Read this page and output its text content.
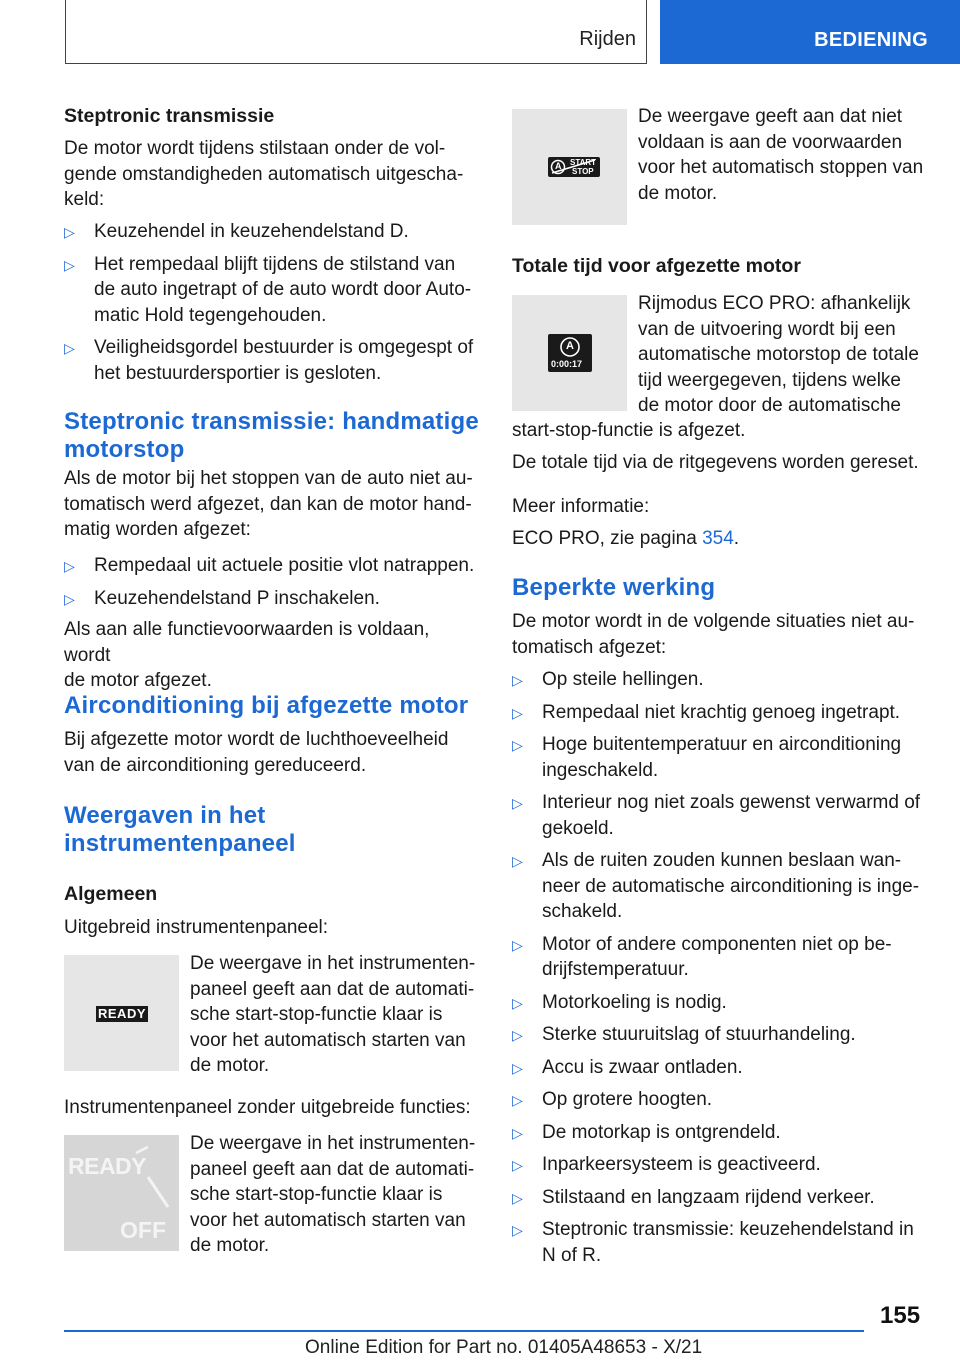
Rijden	BEDIENING
Steptronic transmissie
De motor wordt tijdens stilstaan onder de vol-
gende omstandigheden automatisch uitgescha-
keld:
▷ Keuzehendel in keuzehendelstand D.
▷ Het rempedaal blijft tijdens de stilstand van
de auto ingetrapt of de auto wordt door Auto-
matic Hold tegengehouden.
▷ Veiligheidsgordel bestuurder is omgegespt of
het bestuurdersportier is gesloten.
Steptronic transmissie: handmatige
motorstop
Als de motor bij het stoppen van de auto niet au-
tomatisch werd afgezet, dan kan de motor hand-
matig worden afgezet:
▷ Rempedaal uit actuele positie vlot natrappen.
▷ Keuzehendelstand P inschakelen.
Als aan alle functievoorwaarden is voldaan, wordt
de motor afgezet.
Airconditioning bij afgezette motor
Bij afgezette motor wordt de luchthoeveelheid
van de airconditioning gereduceerd.
Weergaven in het
instrumentenpaneel
Algemeen
Uitgebreid instrumentenpaneel:
READY
De weergave in het instrumenten-
paneel geeft aan dat de automati-
sche start-stop-functie klaar is
voor het automatisch starten van
de motor.
Instrumentenpaneel zonder uitgebreide functies:
READY
OFF
De weergave in het instrumenten-
paneel geeft aan dat de automati-
sche start-stop-functie klaar is
voor het automatisch starten van
de motor.
A START
STOP
De weergave geeft aan dat niet
voldaan is aan de voorwaarden
voor het automatisch stoppen van
de motor.
Totale tijd voor afgezette motor
A
0:00:17
Rijmodus ECO PRO: afhankelijk
van de uitvoering wordt bij een
automatische motorstop de totale
tijd weergegeven, tijdens welke
de motor door de automatische
start-stop-functie is afgezet.
De totale tijd via de ritgegevens worden gereset.
Meer informatie:
ECO PRO, zie pagina 354.
Beperkte werking
De motor wordt in de volgende situaties niet au-
tomatisch afgezet:
▷ Op steile hellingen.
▷ Rempedaal niet krachtig genoeg ingetrapt.
▷ Hoge buitentemperatuur en airconditioning
ingeschakeld.
▷ Interieur nog niet zoals gewenst verwarmd of
gekoeld.
▷ Als de ruiten zouden kunnen beslaan wan-
neer de automatische airconditioning is inge-
schakeld.
▷ Motor of andere componenten niet op be-
drijfstemperatuur.
▷ Motorkoeling is nodig.
▷ Sterke stuuruitslag of stuurhandeling.
▷ Accu is zwaar ontladen.
▷ Op grotere hoogten.
▷ De motorkap is ontgrendeld.
▷ Inparkeersysteem is geactiveerd.
▷ Stilstaand en langzaam rijdend verkeer.
▷ Steptronic transmissie: keuzehendelstand in
N of R.
155
Online Edition for Part no. 01405A48653 - X/21
